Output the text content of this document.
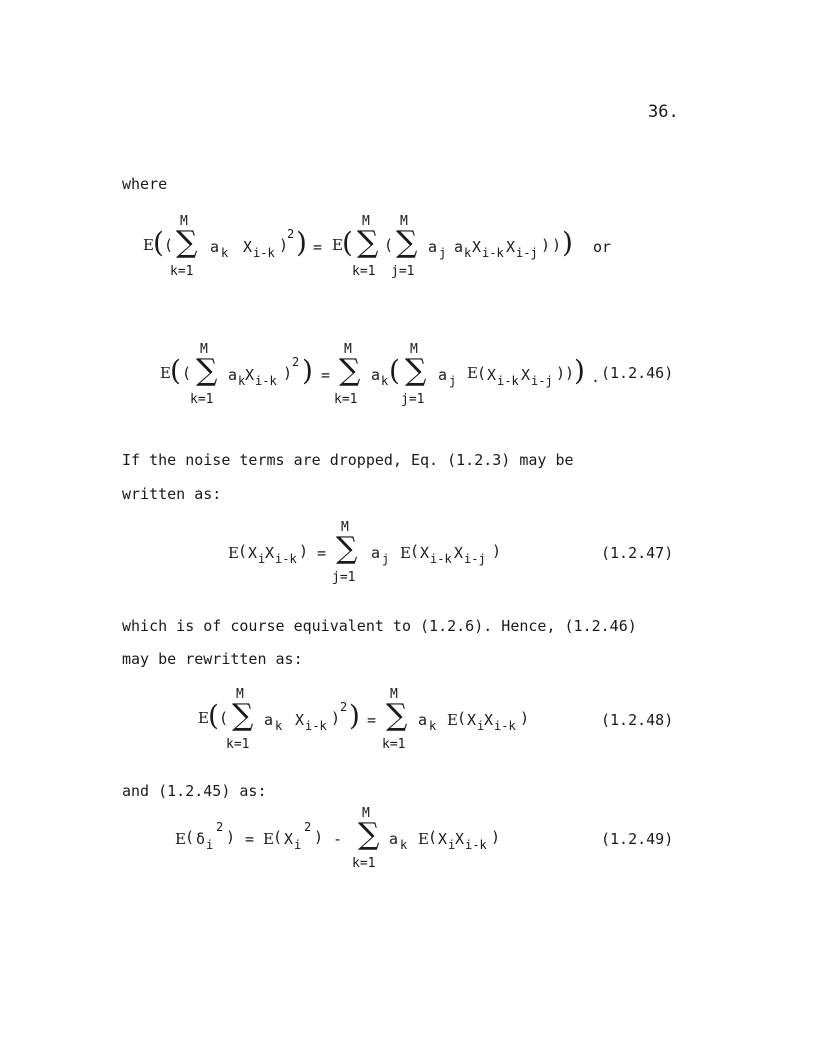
36.
where
E ( (
M
∑
k=1
a k X i-k )
2 ) = E (
M
∑
k=1
(
M
∑
j=1
a j a k X i-k X i-j ) ) ) or
E ( (
M
∑
k=1
a k X i-k )
2 ) =
M
∑
k=1
a k (
M
∑
j=1
a j E ( X i-k X i-j ) ) ) . (1.2.46)
If the noise terms are dropped, Eq. (1.2.3) may be
written as:
E ( X i X i-k ) =
M
∑
j=1
a j E ( X i-k X i-j )	(1.2.47)
which is of course equivalent to (1.2.6). Hence, (1.2.46)
may be rewritten as:
E ( (
M
∑
k=1
a k X i-k )
2 ) =
M
∑
k=1
a k E ( X i X i-k )	(1.2.48)
and (1.2.45) as:
E ( δ i
2
) = E ( X i
2
) -
M
∑
k=1
a k E ( X i X i-k )	(1.2.49)
